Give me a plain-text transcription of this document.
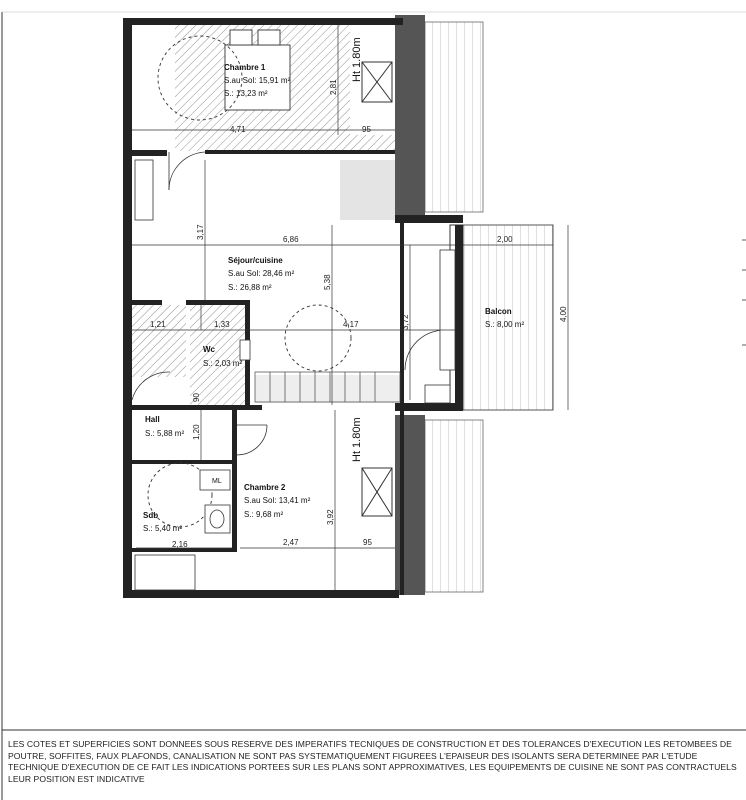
4,71	95
2,81
3,17	6,86
5,38
3,72
4,17
1,21	1,33
90
1,20
3,92
2,47	95
2,16
2,00
4,00
Ht 1.80m
Ht 1.80m
Chambre 1
S.au Sol: 15,91 m²
S.: 13,23 m²
Séjour/cuisine
S.au Sol: 28,46 m²
S.: 26,88 m²
Wc
S.: 2,03 m²
Hall
S.: 5,88 m²
Chambre 2
S.au Sol: 13,41 m²
S.: 9,68 m²
Sdb
S.: 5,40 m²
Balcon
S.: 8,00 m²
ML
LES COTES ET SUPERFICIES SONT DONNEES SOUS RESERVE DES IMPERATIFS TECNIQUES DE CONSTRUCTION ET DES TOLERANCES D'EXECUTION LES RETOMBEES DE POUTRE, SOFFITES, FAUX PLAFONDS, CANALISATION NE SONT PAS SYSTEMATIQUEMENT FIGUREES L'EPAISEUR DES ISOLANTS SERA DETERMINEE PAR L'ETUDE TECHNIQUE D'EXECUTION DE CE FAIT LES INDICATIONS PORTEES SUR LES PLANS SONT APPROXIMATIVES, LES EQUIPEMENTS DE CUISINE NE SONT PAS CONTRACTUELS LEUR POSITION EST INDICATIVE
